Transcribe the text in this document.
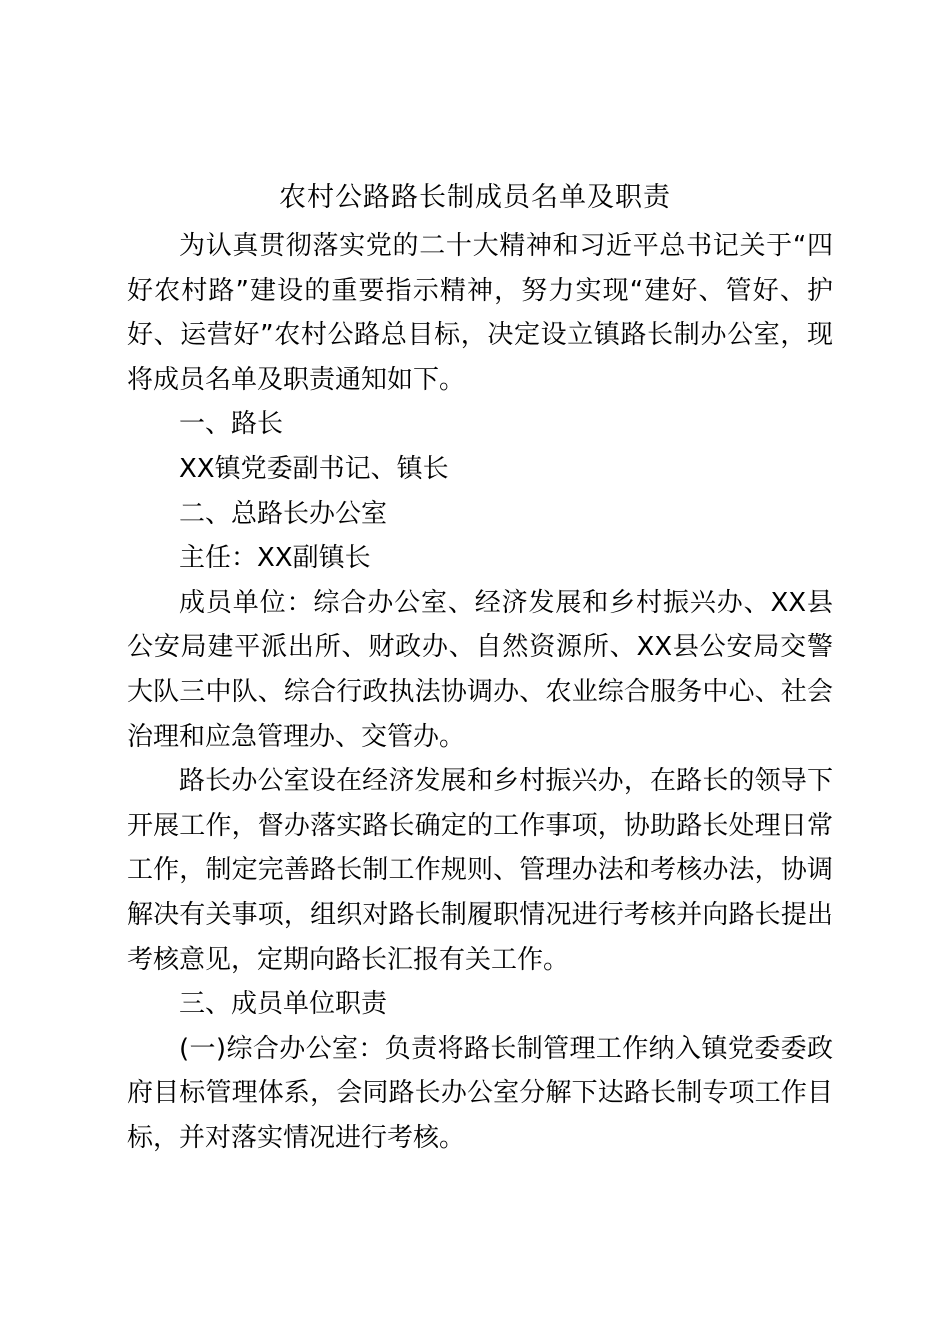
农村公路路长制成员名单及职责

为认真贯彻落实党的二十大精神和习近平总书记关于“四好农村路”建设的重要指示精神，努力实现“建好、管好、护好、运营好”农村公路总目标，决定设立镇路长制办公室，现将成员名单及职责通知如下。

一、路长

XX镇党委副书记、镇长

二、总路长办公室

主任：XX副镇长

成员单位：综合办公室、经济发展和乡村振兴办、XX县公安局建平派出所、财政办、自然资源所、XX县公安局交警大队三中队、综合行政执法协调办、农业综合服务中心、社会治理和应急管理办、交管办。

路长办公室设在经济发展和乡村振兴办，在路长的领导下开展工作，督办落实路长确定的工作事项，协助路长处理日常工作，制定完善路长制工作规则、管理办法和考核办法，协调解决有关事项，组织对路长制履职情况进行考核并向路长提出考核意见，定期向路长汇报有关工作。

三、成员单位职责

(一)综合办公室：负责将路长制管理工作纳入镇党委委政府目标管理体系，会同路长办公室分解下达路长制专项工作目标，并对落实情况进行考核。
